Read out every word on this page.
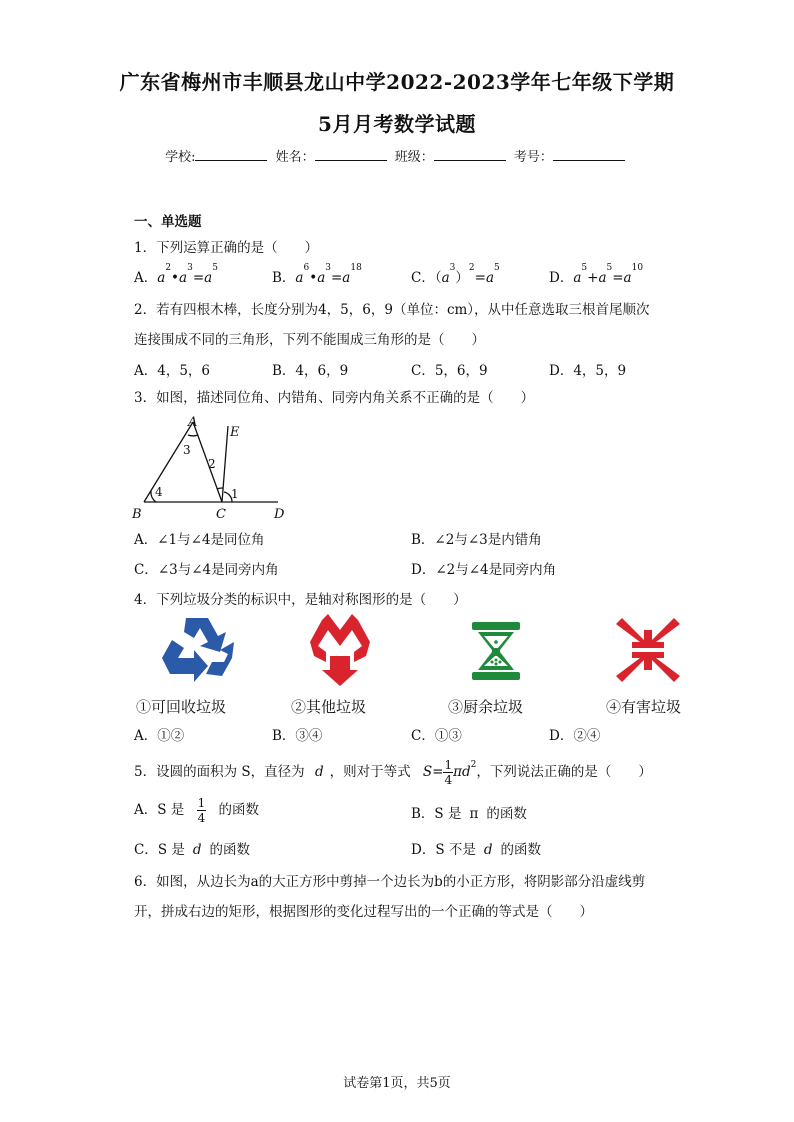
广东省梅州市丰顺县龙山中学2022-2023学年七年级下学期
5月月考数学试题
学校:	姓名：	班级：	考号：
一、单选题
1．下列运算正确的是（　　）
A．$a^2•a^3=a^5$
B．$a^6•a^3=a^{18}$
C．$(a^3)^2=a^5$
D．$a^5+a^5=a^{10}$
2．若有四根木棒，长度分别为4，5，6，9（单位：cm），从中任意选取三根首尾顺次
连接围成不同的三角形，下列不能围成三角形的是（　　）
A．4，5，6	B．4，6，9	C．5，6，9	D．4，5，9
3．如图，描述同位角、内错角、同旁内角关系不正确的是（　　）
A
B	C	D
E
1
2
3
4
A．∠1与∠4是同位角	B．∠2与∠3是内错角
C．∠3与∠4是同旁内角	D．∠2与∠4是同旁内角
4．下列垃圾分类的标识中，是轴对称图形的是（　　）
①可回收垃圾	②其他垃圾	③厨余垃圾	④有害垃圾
A．①②	B．③④	C．①③	D．②④
5．设圆的面积为 S，直径为 d ，则对于等式 $S= \frac{1}{4} \pi d^2$，下列说法正确的是（　　）
A．S 是 $\frac{1}{4}$ 的函数	B．S 是 π 的函数
C．S 是 d 的函数	D．S 不是 d 的函数
6．如图，从边长为a的大正方形中剪掉一个边长为b的小正方形，将阴影部分沿虚线剪
开，拼成右边的矩形，根据图形的变化过程写出的一个正确的等式是（　　）
试卷第1页，共5页
